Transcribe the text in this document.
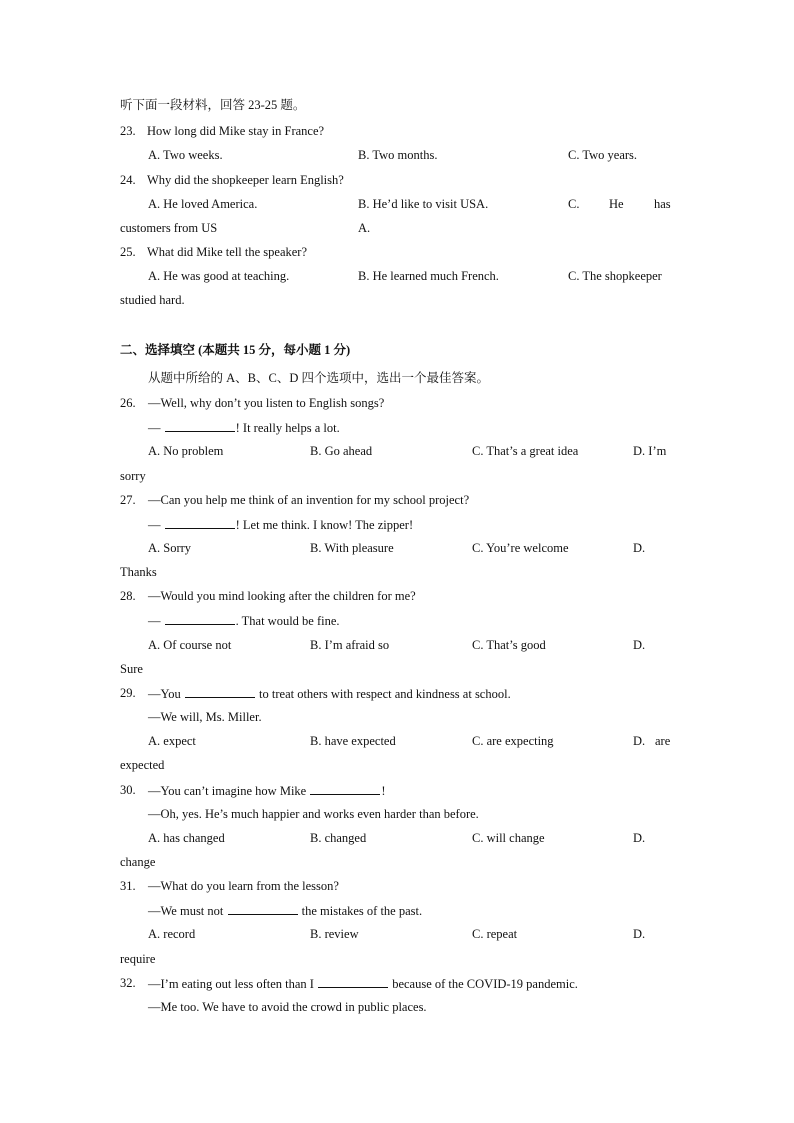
听下面一段材料，回答 23-25 题。
23. How long did Mike stay in France?
A. Two weeks.	B. Two months.	C. Two years.
24. Why did the shopkeeper learn English?
A. He loved America.	B. He’d like to visit USA.	C. He has
customers from US	A.
25. What did Mike tell the speaker?
A. He was good at teaching.	B. He learned much French.	C. The shopkeeper
studied hard.
二、选择填空 (本题共 15 分，每小题 1 分)
从题中所给的 A、B、C、D 四个选项中，选出一个最佳答案。
26. —Well, why don’t you listen to English songs?
—	! It really helps a lot.
A. No problem	B. Go ahead	C. That’s a great idea	D. I’m
sorry
27. —Can you help me think of an invention for my school project?
—	! Let me think. I know! The zipper!
A. Sorry	B. With pleasure	C. You’re welcome	D.
Thanks
28. —Would you mind looking after the children for me?
—	. That would be fine.
A. Of course not	B. I’m afraid so	C. That’s good	D.
Sure
29. —You	to treat others with respect and kindness at school.
—We will, Ms. Miller.
A. expect	B. have expected	C. are expecting	D. are
expected
30. —You can’t imagine how Mike	!
—Oh, yes. He’s much happier and works even harder than before.
A. has changed	B. changed	C. will change	D.
change
31. —What do you learn from the lesson?
—We must not	the mistakes of the past.
A. record	B. review	C. repeat	D.
require
32. —I’m eating out less often than I	because of the COVID-19 pandemic.
—Me too. We have to avoid the crowd in public places.
